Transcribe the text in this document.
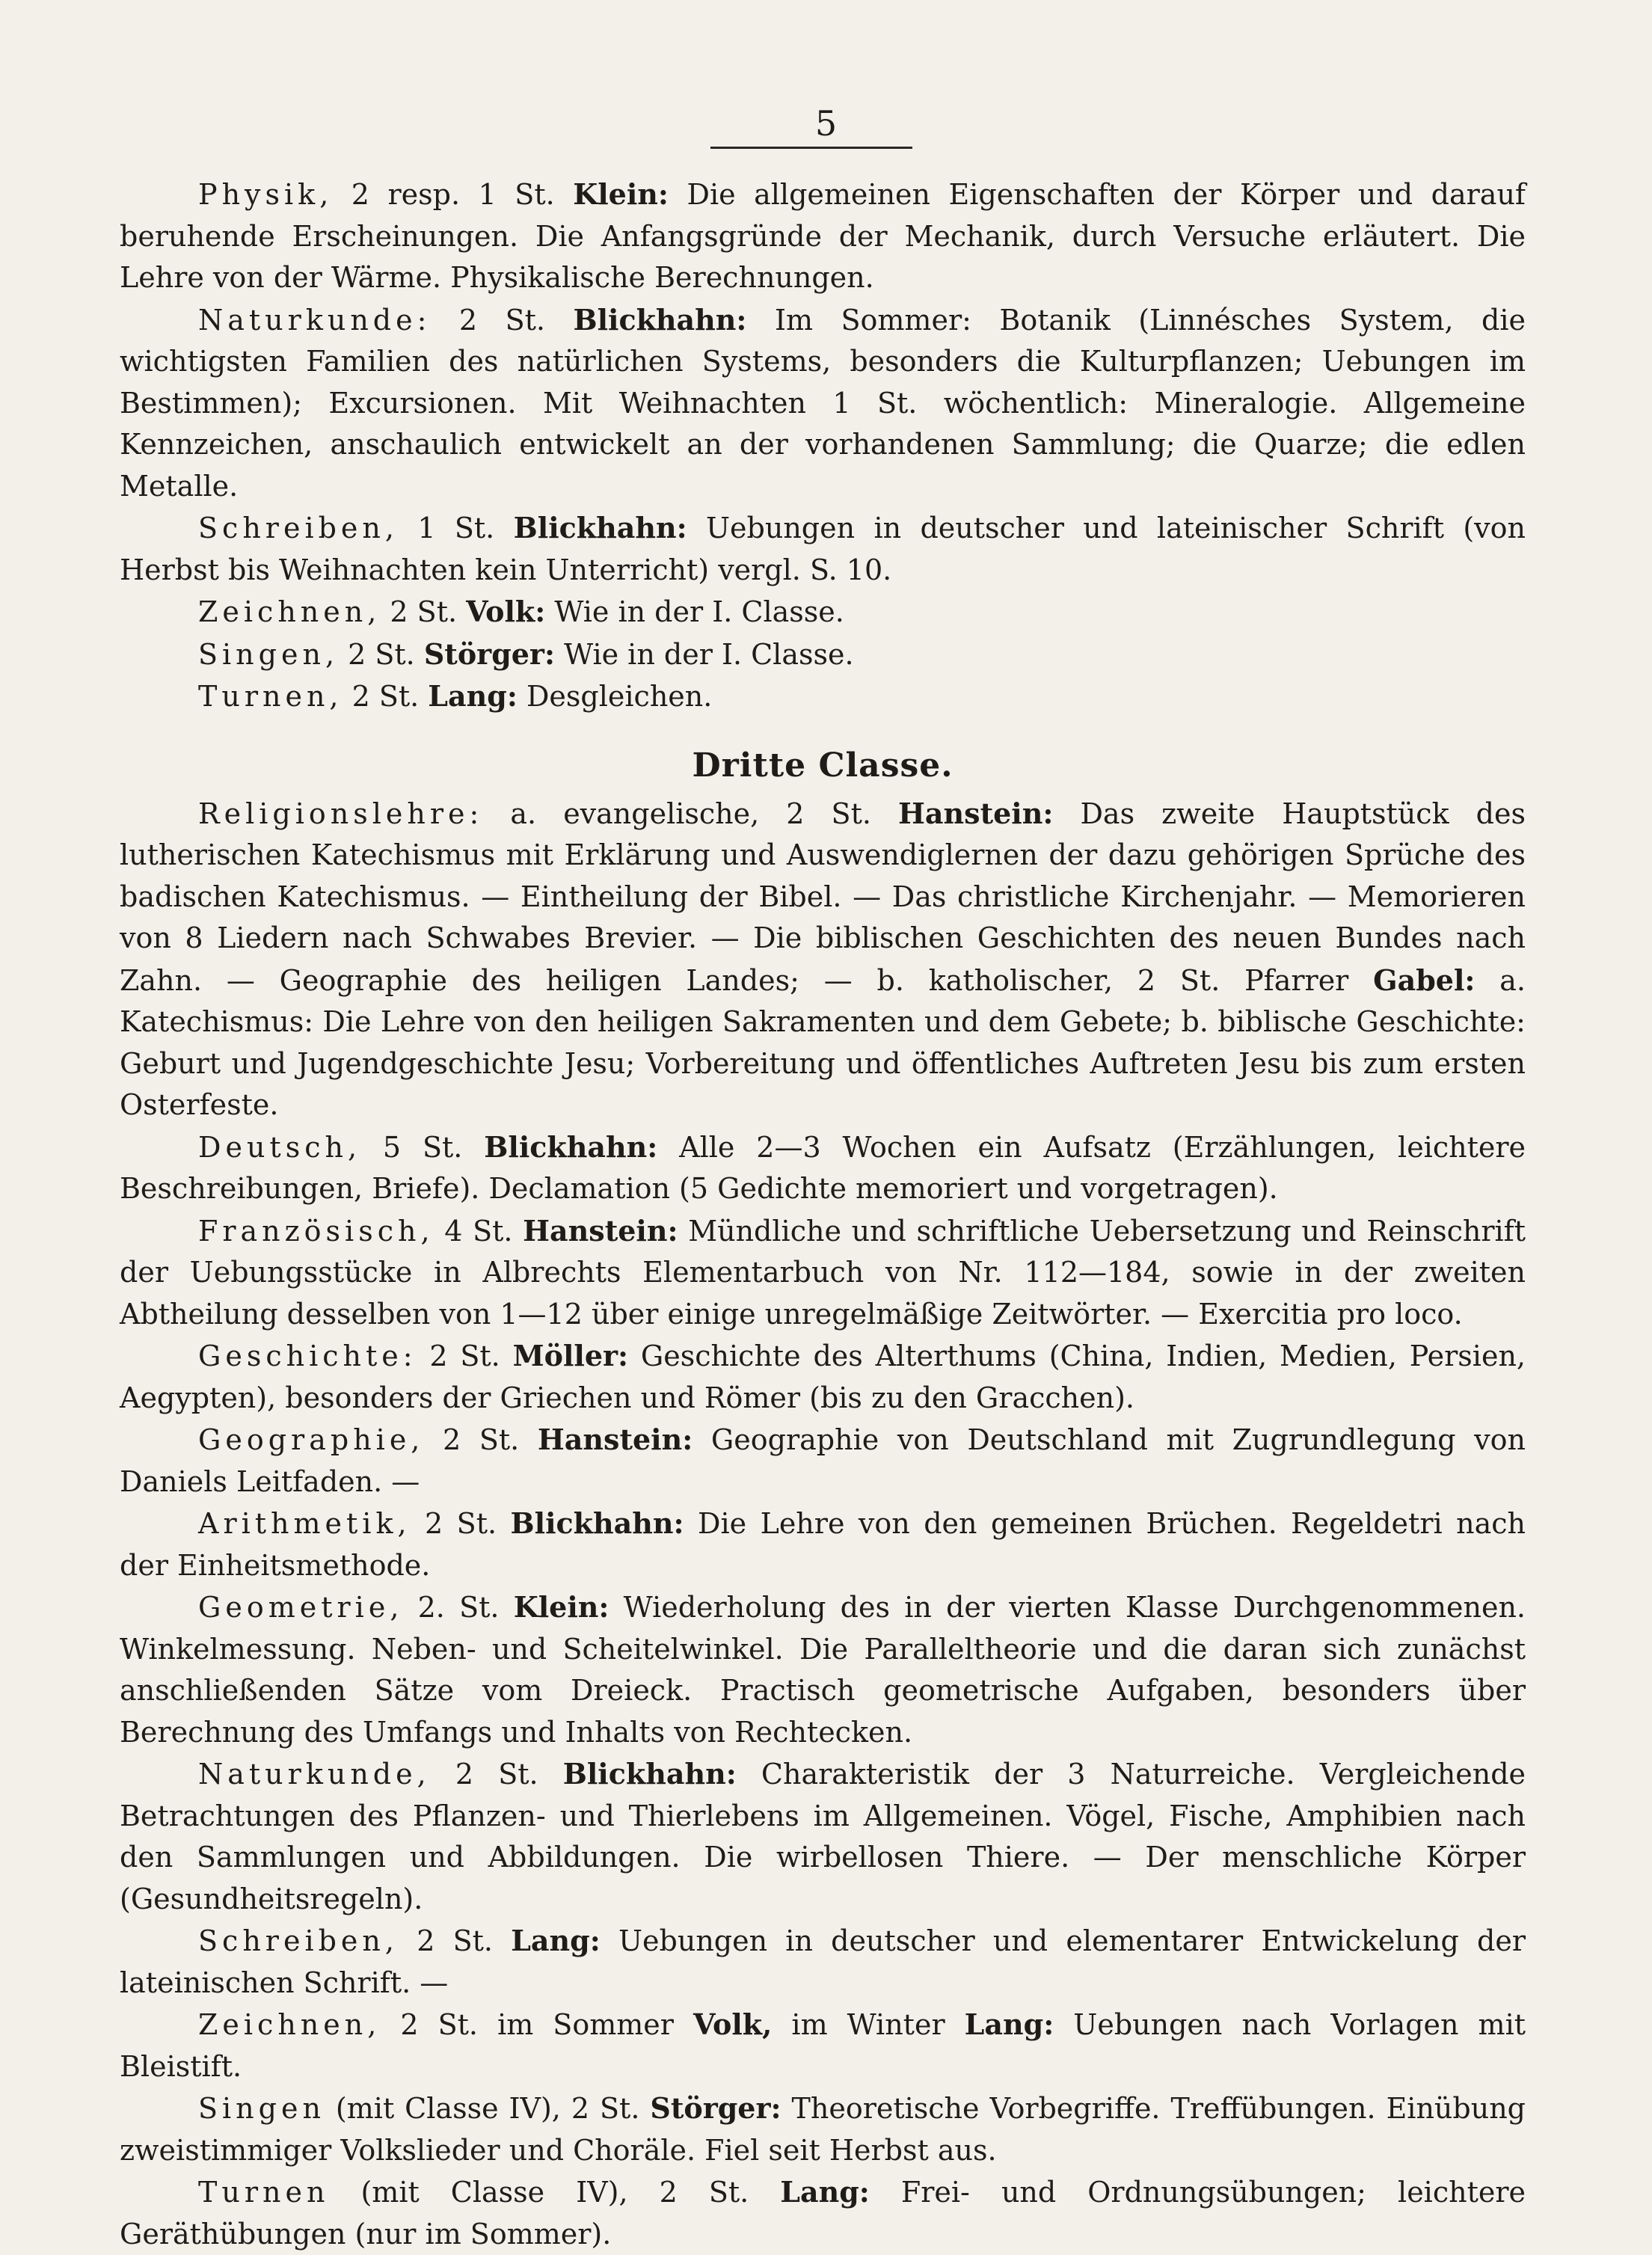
5

Physik, 2 resp. 1 St. Klein: Die allgemeinen Eigenschaften der Körper und darauf beruhende Erscheinungen. Die Anfangsgründe der Mechanik, durch Versuche erläutert. Die Lehre von der Wärme. Physikalische Berechnungen.

Naturkunde: 2 St. Blickhahn: Im Sommer: Botanik (Linnésches System, die wichtigsten Familien des natürlichen Systems, besonders die Kulturpflanzen; Uebungen im Bestimmen); Excursionen. Mit Weihnachten 1 St. wöchentlich: Mineralogie. Allgemeine Kennzeichen, anschaulich entwickelt an der vorhandenen Sammlung; die Quarze; die edlen Metalle.

Schreiben, 1 St. Blickhahn: Uebungen in deutscher und lateinischer Schrift (von Herbst bis Weihnachten kein Unterricht) vergl. S. 10.

Zeichnen, 2 St. Volk: Wie in der I. Classe.

Singen, 2 St. Störger: Wie in der I. Classe.

Turnen, 2 St. Lang: Desgleichen.

Dritte Classe.

Religionslehre: a. evangelische, 2 St. Hanstein: Das zweite Hauptstück des lutherischen Katechismus mit Erklärung und Auswendiglernen der dazu gehörigen Sprüche des badischen Katechismus. — Eintheilung der Bibel. — Das christliche Kirchenjahr. — Memorieren von 8 Liedern nach Schwabes Brevier. — Die biblischen Geschichten des neuen Bundes nach Zahn. — Geographie des heiligen Landes; — b. katholischer, 2 St. Pfarrer Gabel: a. Katechismus: Die Lehre von den heiligen Sakramenten und dem Gebete; b. biblische Geschichte: Geburt und Jugendgeschichte Jesu; Vorbereitung und öffentliches Auftreten Jesu bis zum ersten Osterfeste.

Deutsch, 5 St. Blickhahn: Alle 2—3 Wochen ein Aufsatz (Erzählungen, leichtere Beschreibungen, Briefe). Declamation (5 Gedichte memoriert und vorgetragen).

Französisch, 4 St. Hanstein: Mündliche und schriftliche Uebersetzung und Reinschrift der Uebungsstücke in Albrechts Elementarbuch von Nr. 112—184, sowie in der zweiten Abtheilung desselben von 1—12 über einige unregelmäßige Zeitwörter. — Exercitia pro loco.

Geschichte: 2 St. Möller: Geschichte des Alterthums (China, Indien, Medien, Persien, Aegypten), besonders der Griechen und Römer (bis zu den Gracchen).

Geographie, 2 St. Hanstein: Geographie von Deutschland mit Zugrundlegung von Daniels Leitfaden. —

Arithmetik, 2 St. Blickhahn: Die Lehre von den gemeinen Brüchen. Regeldetri nach der Einheitsmethode.

Geometrie, 2. St. Klein: Wiederholung des in der vierten Klasse Durchgenommenen. Winkelmessung. Neben- und Scheitelwinkel. Die Paralleltheorie und die daran sich zunächst anschließenden Sätze vom Dreieck. Practisch geometrische Aufgaben, besonders über Berechnung des Umfangs und Inhalts von Rechtecken.

Naturkunde, 2 St. Blickhahn: Charakteristik der 3 Naturreiche. Vergleichende Betrachtungen des Pflanzen- und Thierlebens im Allgemeinen. Vögel, Fische, Amphibien nach den Sammlungen und Abbildungen. Die wirbellosen Thiere. — Der menschliche Körper (Gesundheitsregeln).

Schreiben, 2 St. Lang: Uebungen in deutscher und elementarer Entwickelung der lateinischen Schrift. —

Zeichnen, 2 St. im Sommer Volk, im Winter Lang: Uebungen nach Vorlagen mit Bleistift.

Singen (mit Classe IV), 2 St. Störger: Theoretische Vorbegriffe. Treffübungen. Einübung zweistimmiger Volkslieder und Choräle. Fiel seit Herbst aus.

Turnen (mit Classe IV), 2 St. Lang: Frei- und Ordnungsübungen; leichtere Geräthübungen (nur im Sommer).
